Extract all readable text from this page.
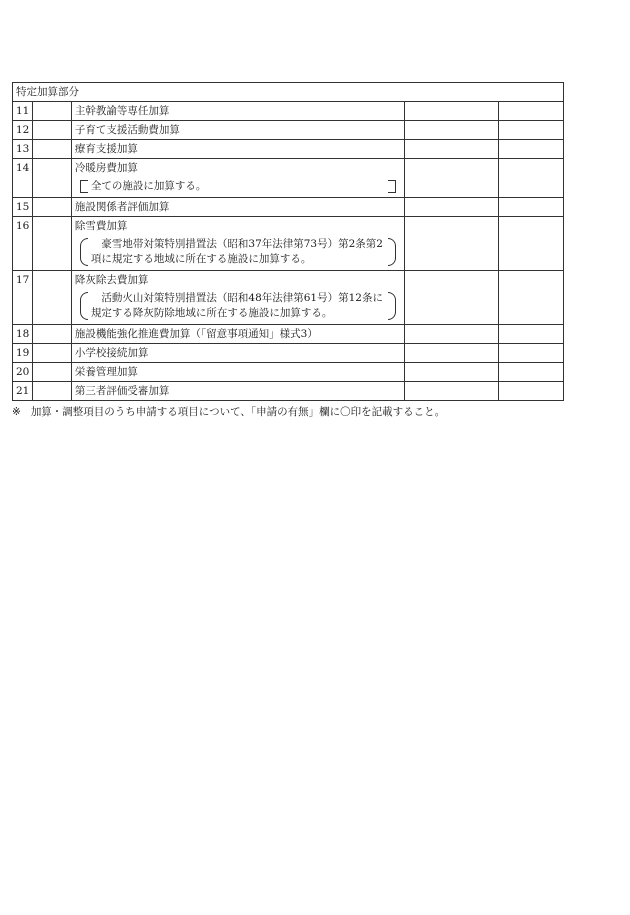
特定加算部分				
11		主幹教諭等専任加算		
12		子育て支援活動費加算		
13		療育支援加算		
14		冷暖房費加算
全ての施設に加算する。		

15		施設関係者評価加算		
16		除雪費加算
豪雪地帯対策特別措置法（昭和37年法律第73号）第2条第2項に規定する地域に所在する施設に加算する。		

17		降灰除去費加算
活動火山対策特別措置法（昭和48年法律第61号）第12条に規定する降灰防除地域に所在する施設に加算する。		

18		施設機能強化推進費加算（「留意事項通知」様式3）		
19		小学校接続加算		
20		栄養管理加算		
21		第三者評価受審加算		
※ 加算・調整項目のうち申請する項目について、「申請の有無」欄に〇印を記載すること。
